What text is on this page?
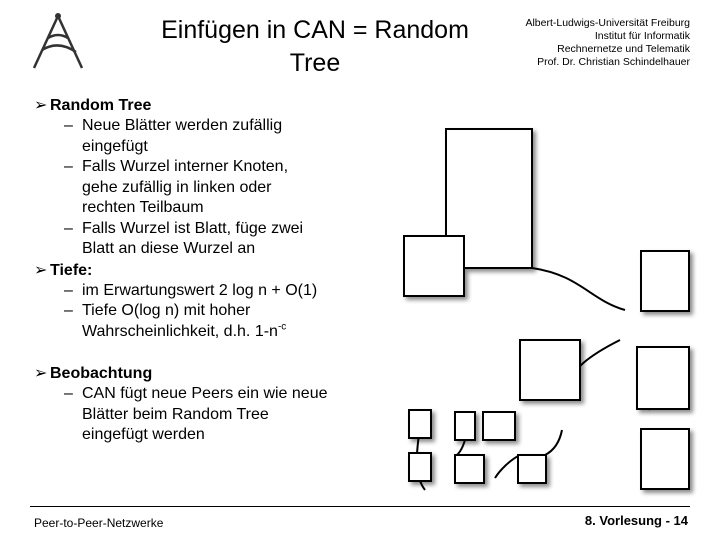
Einfügen in CAN = Random
Tree
Albert-Ludwigs-Universität Freiburg
Institut für Informatik
Rechnernetze und Telematik
Prof. Dr. Christian Schindelhauer
➢ Random Tree
– Neue Blätter werden zufällig
eingefügt
– Falls Wurzel interner Knoten,
gehe zufällig in linken oder
rechten Teilbaum
– Falls Wurzel ist Blatt, füge zwei
Blatt an diese Wurzel an
➢ Tiefe:
– im Erwartungswert 2 log n + O(1)
– Tiefe O(log n) mit hoher
Wahrscheinlichkeit, d.h. $1-n^{-c}$
➢ Beobachtung
– CAN fügt neue Peers ein wie neue
Blätter beim Random Tree
eingefügt werden
Peer-to-Peer-Netzwerke	8. Vorlesung - 14
